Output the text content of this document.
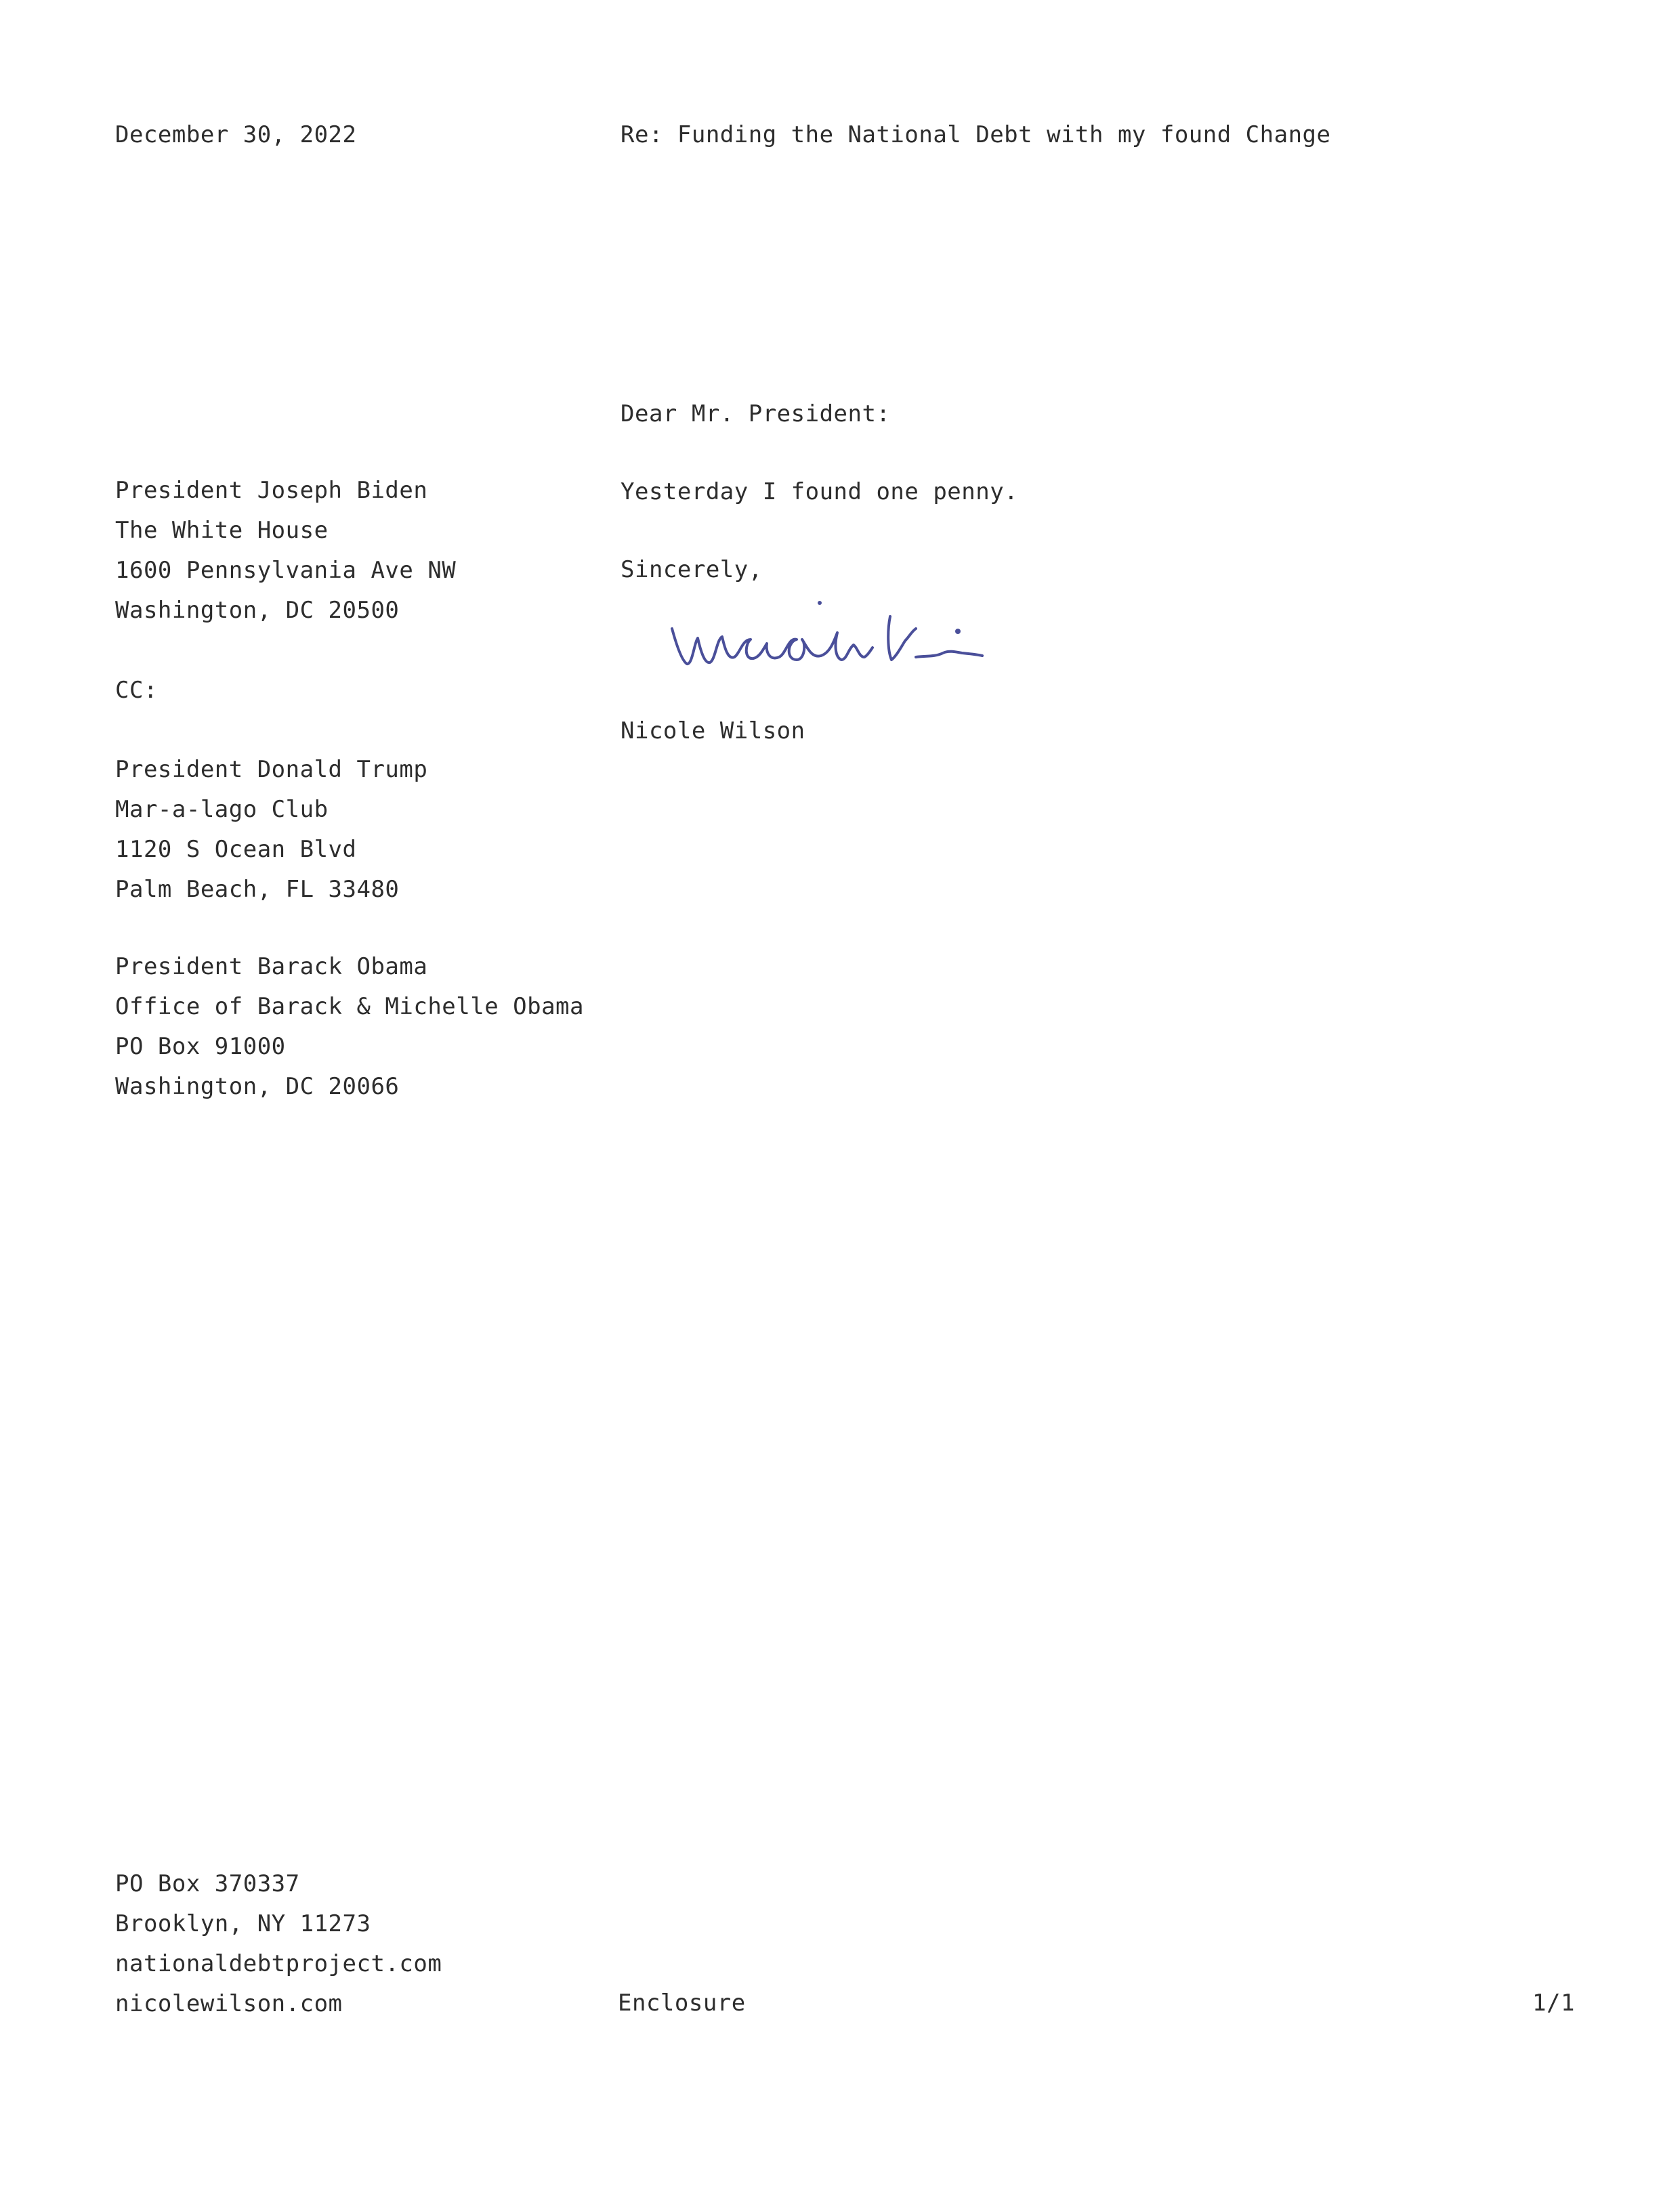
December 30, 2022	Re: Funding the National Debt with my found Change
Dear Mr. President:
Yesterday I found one penny.
Sincerely,
Nicole Wilson
President Joseph Biden
The White House
1600 Pennsylvania Ave NW
Washington, DC 20500
CC:
President Donald Trump
Mar-a-lago Club
1120 S Ocean Blvd
Palm Beach, FL 33480
President Barack Obama
Office of Barack & Michelle Obama
PO Box 91000
Washington, DC 20066
PO Box 370337
Brooklyn, NY 11273
nationaldebtproject.com
nicolewilson.com	Enclosure	1/1
